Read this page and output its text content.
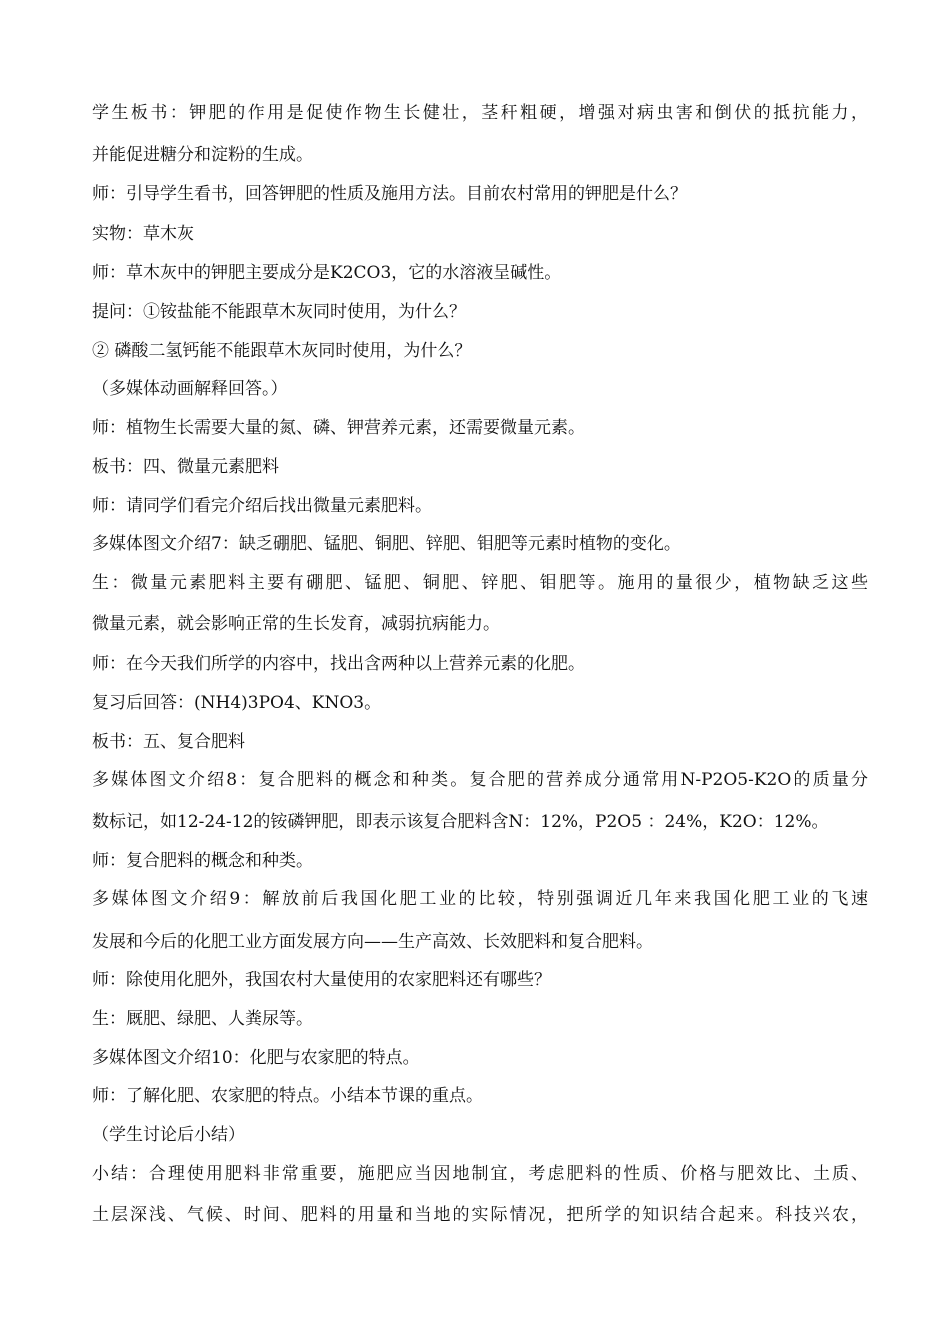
学生板书：钾肥的作用是促使作物生长健壮，茎秆粗硬，增强对病虫害和倒伏的抵抗能力，
并能促进糖分和淀粉的生成。
师：引导学生看书，回答钾肥的性质及施用方法。目前农村常用的钾肥是什么？
实物：草木灰
师：草木灰中的钾肥主要成分是K2CO3，它的水溶液呈碱性。
提问：①铵盐能不能跟草木灰同时使用，为什么？
② 磷酸二氢钙能不能跟草木灰同时使用，为什么？
（多媒体动画解释回答。）
师：植物生长需要大量的氮、磷、钾营养元素，还需要微量元素。
板书：四、微量元素肥料
师：请同学们看完介绍后找出微量元素肥料。
多媒体图文介绍7：缺乏硼肥、锰肥、铜肥、锌肥、钼肥等元素时植物的变化。
生：微量元素肥料主要有硼肥、锰肥、铜肥、锌肥、钼肥等。施用的量很少，植物缺乏这些
微量元素，就会影响正常的生长发育，减弱抗病能力。
师：在今天我们所学的内容中，找出含两种以上营养元素的化肥。
复习后回答：(NH4)3PO4、KNO3。
板书：五、复合肥料
多媒体图文介绍8：复合肥料的概念和种类。复合肥的营养成分通常用N-P2O5-K2O的质量分
数标记，如12-24-12的铵磷钾肥，即表示该复合肥料含N：12%，P2O5 ：24%，K2O：12%。
师：复合肥料的概念和种类。
多媒体图文介绍9：解放前后我国化肥工业的比较，特别强调近几年来我国化肥工业的飞速
发展和今后的化肥工业方面发展方向——生产高效、长效肥料和复合肥料。
师：除使用化肥外，我国农村大量使用的农家肥料还有哪些？
生：厩肥、绿肥、人粪尿等。
多媒体图文介绍10：化肥与农家肥的特点。
师：了解化肥、农家肥的特点。小结本节课的重点。
（学生讨论后小结）
小结：合理使用肥料非常重要，施肥应当因地制宜，考虑肥料的性质、价格与肥效比、土质、
土层深浅、气候、时间、肥料的用量和当地的实际情况，把所学的知识结合起来。科技兴农，
